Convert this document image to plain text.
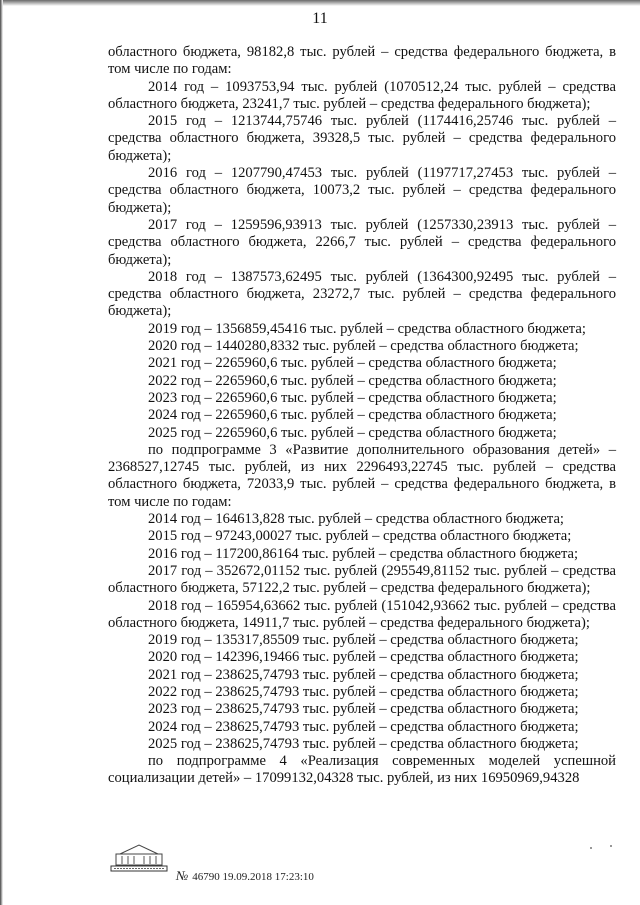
11

областного бюджета, 98182,8 тыс. рублей – средства федерального бюджета, в том числе по годам:

2014 год – 1093753,94 тыс. рублей (1070512,24 тыс. рублей – средства областного бюджета, 23241,7 тыс. рублей – средства федерального бюджета);

2015 год – 1213744,75746 тыс. рублей (1174416,25746 тыс. рублей – средства областного бюджета, 39328,5 тыс. рублей – средства федерального бюджета);

2016 год – 1207790,47453 тыс. рублей (1197717,27453 тыс. рублей – средства областного бюджета, 10073,2 тыс. рублей – средства федерального бюджета);

2017 год – 1259596,93913 тыс. рублей (1257330,23913 тыс. рублей – средства областного бюджета, 2266,7 тыс. рублей – средства федерального бюджета);

2018 год – 1387573,62495 тыс. рублей (1364300,92495 тыс. рублей – средства областного бюджета, 23272,7 тыс. рублей – средства федерального бюджета);

2019 год – 1356859,45416 тыс. рублей – средства областного бюджета;

2020 год – 1440280,8332 тыс. рублей – средства областного бюджета;

2021 год – 2265960,6 тыс. рублей – средства областного бюджета;

2022 год – 2265960,6 тыс. рублей – средства областного бюджета;

2023 год – 2265960,6 тыс. рублей – средства областного бюджета;

2024 год – 2265960,6 тыс. рублей – средства областного бюджета;

2025 год – 2265960,6 тыс. рублей – средства областного бюджета;

по подпрограмме 3 «Развитие дополнительного образования детей» – 2368527,12745 тыс. рублей, из них 2296493,22745 тыс. рублей – средства областного бюджета, 72033,9 тыс. рублей – средства федерального бюджета, в том числе по годам:

2014 год – 164613,828 тыс. рублей – средства областного бюджета;

2015 год – 97243,00027 тыс. рублей – средства областного бюджета;

2016 год – 117200,86164 тыс. рублей – средства областного бюджета;

2017 год – 352672,01152 тыс. рублей (295549,81152 тыс. рублей – средства областного бюджета, 57122,2 тыс. рублей – средства федерального бюджета);

2018 год – 165954,63662 тыс. рублей (151042,93662 тыс. рублей – средства областного бюджета, 14911,7 тыс. рублей – средства федерального бюджета);

2019 год – 135317,85509 тыс. рублей – средства областного бюджета;

2020 год – 142396,19466 тыс. рублей – средства областного бюджета;

2021 год – 238625,74793 тыс. рублей – средства областного бюджета;

2022 год – 238625,74793 тыс. рублей – средства областного бюджета;

2023 год – 238625,74793 тыс. рублей – средства областного бюджета;

2024 год – 238625,74793 тыс. рублей – средства областного бюджета;

2025 год – 238625,74793 тыс. рублей – средства областного бюджета;

по подпрограмме 4 «Реализация современных моделей успешной социализации детей» – 17099132,04328 тыс. рублей, из них 16950969,94328

№ 46790 19.09.2018 17:23:10
